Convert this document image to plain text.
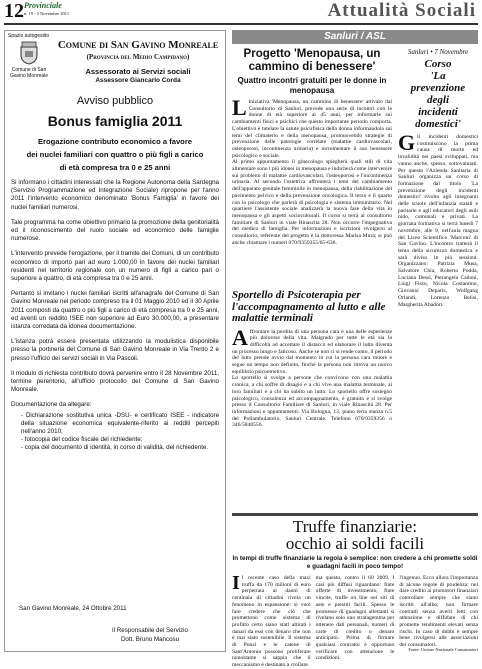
12 Provinciale
n. 19 - 5 Novembre 2011	Attualità Sociali
Spazio autogestito
Comune di San Gavino Monreale
Comune di San Gavino Monreale
(Provincia del Medio Campidano)
Assessorato ai Servizi sociali
Assessore Giancarlo Corda
Avviso pubblico
Bonus famiglia 2011
Erogazione contributo economico a favore
dei nuclei familiari con quattro o più figli a carico
di età compresa tra 0 e 25 anni

Si informano i cittadini interessati che la Regione Autonoma della Sardegna (Servizio Programmazione ed Integrazione Sociale) ripropone per l'anno 2011 l'intervento economico denominato 'Bonus Famiglia' in favore dei nuclei familiari numerosi.

Tale programma ha come obiettivo primario la promozione della genitorialità ed il riconoscimento del ruolo sociale ed economico delle famiglie numerose.

L'intervento prevede l'erogazione, per il tramite dei Comuni, di un contributo economico di importo pari ad euro 1.000,00 in favore dei nuclei familiari residenti nel territorio regionale con un numero di figli a carico pari o superiore a quattro, di età compresa tra 0 e 25 anni.

Pertanto si invitano i nuclei familiari iscritti all'anagrafe del Comune di San Gavino Monreale nel periodo compreso tra il 01 Maggio 2010 ed il 30 Aprile 2011 composti da quattro o più figli a carico di età compresa tra 0 e 25 anni, ed aventi un reddito ISEE non superiore ad Euro 30.000,00, a presentare istanza corredata da idonea documentazione.

L'istanza potrà essere presentata utilizzando la modulistica disponibile presso la portineria del Comune di San Gavino Monreale in Via Trento 2 e presso l'ufficio dei servizi sociali in Via Pascoli.

Il modulo di richiesta contributo dovrà pervenire entro il 28 Novembre 2011, termine perentorio, all'ufficio protocollo del Comune di San Gavino Monreale.

Documentazione da allegare:

- Dichiarazione sostitutiva unica -DSU- e certificato ISEE - indicatore della situazione economica equivalente-riferito ai redditi percepiti nell'anno 2010;

- fotocopia del codice fiscale del richiedente;

- copia del documento di identità, in corso di validità, del richiedente.

San Gavino Monreale, 24 Ottobre 2011
Il Responsabile del Servizio
Dott. Bruno Mancosu
Sanluri / ASL
Progetto 'Menopausa, un cammino di benessere'
Quattro incontri gratuiti per le donne in menopausa

Liniziativa 'Menopausa, un cammino di benessere' attivato dal Consultorio di Sanluri, prevede una serie di incontri con le donne di età superiore ai 45 anni, per informarle sui cambiamenti fisici e psichici che questo importante periodo comporta. L'obiettivo è tutelare la salute psicofisica della donna informandola sui temi del climaterio e della menopausa, promuovendo strategie di prevenzione delle patologie correlate (malattie cardiovascolari, osteoporosi, incontinenza urinaria) e incrementare il suo benessere psicologico e sociale.

Al primo appuntamento il ginecologo spiegherà quali stili di vita alimentare sono i più idonei in menopausa e indicherà come intervenire sui problemi di malattie cardiovascolari, l'osteoporosi e l'incontinenza urinaria. Al secondo l'ostetrica affronterà i temi del cambiamento dell'apparato genitale femminile in menopausa, della riabilitazione del pavimento pelvico e della prevenzione oncologica. Il terzo e il quarto con lo psicologo che parlerà di psicologia e sistema immunitario. Nel quartiere l'assistente sociale analizzerà la nuova fase della vita in menopausa e gli aspetti socioculturali. Il corso si terrà al consultorio familiare di Sanluri in viale Rinascita 28. Non occorre l'impegnativa del medico di famiglia. Per informazioni e iscrizioni rivolgersi al consultorio, referente del progetto è la dottoressa Marisa Mura; si può anche chiamare i numeri 070/9359355/65-636.

Sportello di Psicoterapia per l'accompagnamento al lutto e alle malattie terminali

Affrontare la perdita di una persona cara è una delle esperienze più dolorose della vita. Malgrado per tutte le età sia la difficoltà ad accettare il distacco ed elaborare il lutto diventa un processo lungo e faticoso. Anche se non ci si rende conto, il periodo del lutto prende avvio dal momento in cui la persona cara muore e segue un tempo non definito, finché la persona non ritrova un nuovo equilibrio psicoemotivo.

Lo sportello si svolge a persone che convivono con una malattia cronica, a chi soffre di disagio e a chi vive una malattia terminale, ai loro familiari e a chi ha subito un lutto. Lo sportello offre sostegno psicologico, consulenza ed accompagnamento, è gratuito e si svolge presso il Consultorio Familiare di Sanluri, in viale Rinascita 28. Per informazioni e appuntamenti: Via Bologna, 13, piano terra stanza n.5 del Poliambulatorio, Sanluri Centrale. Telefono 070/9359356 o 346/5840556.

Sanluri • 7 Novembre
Corso
'La
prevenzione
degli
incidenti
domestici'

Gli incidenti domestici costituiscono la prima causa di morte ed invalidità nei paesi sviluppati, ma vanno anche, spesso, sottovalutati. Per questo l'Azienda Sanitaria di Sanluri organizza un corso di formazione dal titolo 'La prevenzione degli incidenti domestici' rivolto agli insegnanti delle scuole dell'infanzia statali e paritarie e agli educatori degli asili nido, comunali e privati. La giornata formativa si terrà lunedì 7 novembre, alle 9, nell'aula magna del Liceo Scientifico 'Marconi' di San Gavino. L'incontro tratterà il tema della sicurezza domestica e sarà diviso in più sessioni. Organizzano: Patrizia Musa, Salvatore Chia, Roberto Podda, Luciana Dessì, Pierangela Cadoni, Luigi Fisso, Nicola Costantino, Giovanni Deparis, Wolfgang Orlandi, Lorenzo Belisi, Margherita Abadori.

Truffe finanziarie:
occhio ai soldi facili
In tempi di truffe finanziarie la regola è semplice: non credere a chi promette soldi e guadagni facili in poco tempo!

Il recente caso della maxi truffa da 170 milioni di euro perpetrata ai danni di centinaia di cittadini rivela un fenomeno in espansione: si vuol fare credere che ciò che promettono come sistema di profitto certo siano stati attirati i danari da essi con denaro che non è mai stato sostenibile. Il sistema di Ponzi e le catene di Sant'Antonio possono proliferare nonostante si sappia che il meccanismo è destinato a crollare.

ma questo, contro il 60 2009. I casi più diffusi riguardano: finte offerte di investimento, finte vincite, truffe on line nei siti di aste e prestiti facili. Spesso le promesse di guadagni allettanti si rivelano solo uno stratagemma per ottenere dati personali, numeri di carte di credito o denaro anticipato. Prima di firmare qualsiasi contratto è opportuno verificare con attenzione le condizioni.

l'ingenuo. Ecco allora l'importanza di alcune regole di prudenza: nel dare credito ai promotori finanziari controllare sempre che siano iscritti all'albo, non firmare contratti senza averli letti con attenzione e diffidare di chi promette rendimenti elevati senza rischi. In caso di dubbi è sempre bene rivolgersi alle associazioni dei consumatori.

Fonte: Unione Nazionale Consumatori
